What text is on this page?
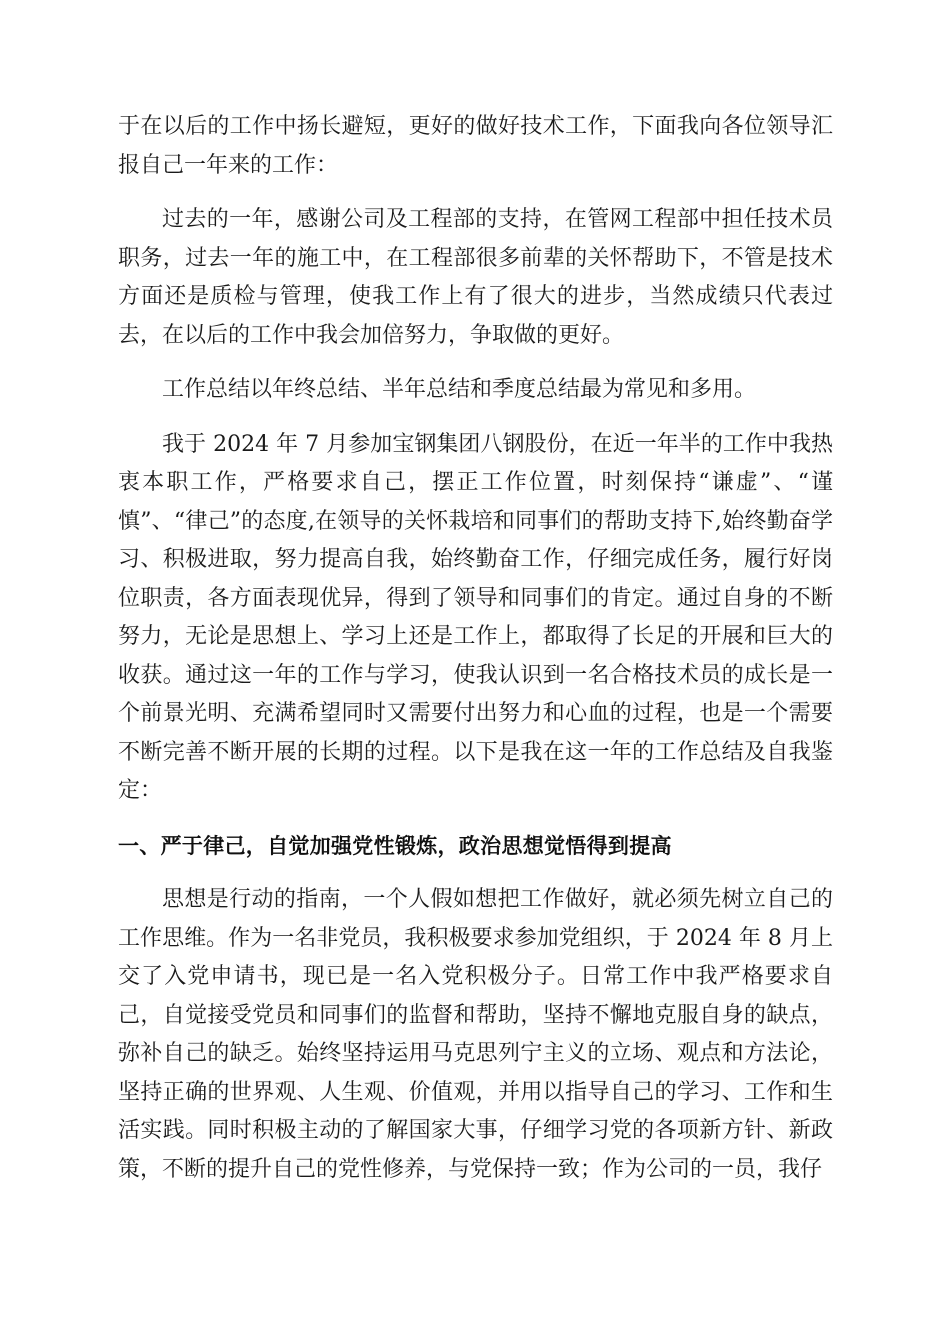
于在以后的工作中扬长避短，更好的做好技术工作，下面我向各位领导汇报自己一年来的工作：

过去的一年，感谢公司及工程部的支持，在管网工程部中担任技术员职务，过去一年的施工中，在工程部很多前辈的关怀帮助下，不管是技术方面还是质检与管理，使我工作上有了很大的进步，当然成绩只代表过去，在以后的工作中我会加倍努力，争取做的更好。

工作总结以年终总结、半年总结和季度总结最为常见和多用。

我于 2024 年 7 月参加宝钢集团八钢股份，在近一年半的工作中我热衷本职工作，严格要求自己，摆正工作位置，时刻保持“谦虚”、“谨慎”、“律己”的态度,在领导的关怀栽培和同事们的帮助支持下,始终勤奋学习、积极进取，努力提高自我，始终勤奋工作，仔细完成任务，履行好岗位职责，各方面表现优异，得到了领导和同事们的肯定。通过自身的不断努力，无论是思想上、学习上还是工作上，都取得了长足的开展和巨大的收获。通过这一年的工作与学习，使我认识到一名合格技术员的成长是一个前景光明、充满希望同时又需要付出努力和心血的过程，也是一个需要不断完善不断开展的长期的过程。以下是我在这一年的工作总结及自我鉴定：

一、严于律己，自觉加强党性锻炼，政治思想觉悟得到提高

思想是行动的指南，一个人假如想把工作做好，就必须先树立自己的工作思维。作为一名非党员，我积极要求参加党组织，于 2024 年 8 月上交了入党申请书，现已是一名入党积极分子。日常工作中我严格要求自己，自觉接受党员和同事们的监督和帮助，坚持不懈地克服自身的缺点，弥补自己的缺乏。始终坚持运用马克思列宁主义的立场、观点和方法论，坚持正确的世界观、人生观、价值观，并用以指导自己的学习、工作和生活实践。同时积极主动的了解国家大事，仔细学习党的各项新方针、新政策，不断的提升自己的党性修养，与党保持一致；作为公司的一员，我仔
